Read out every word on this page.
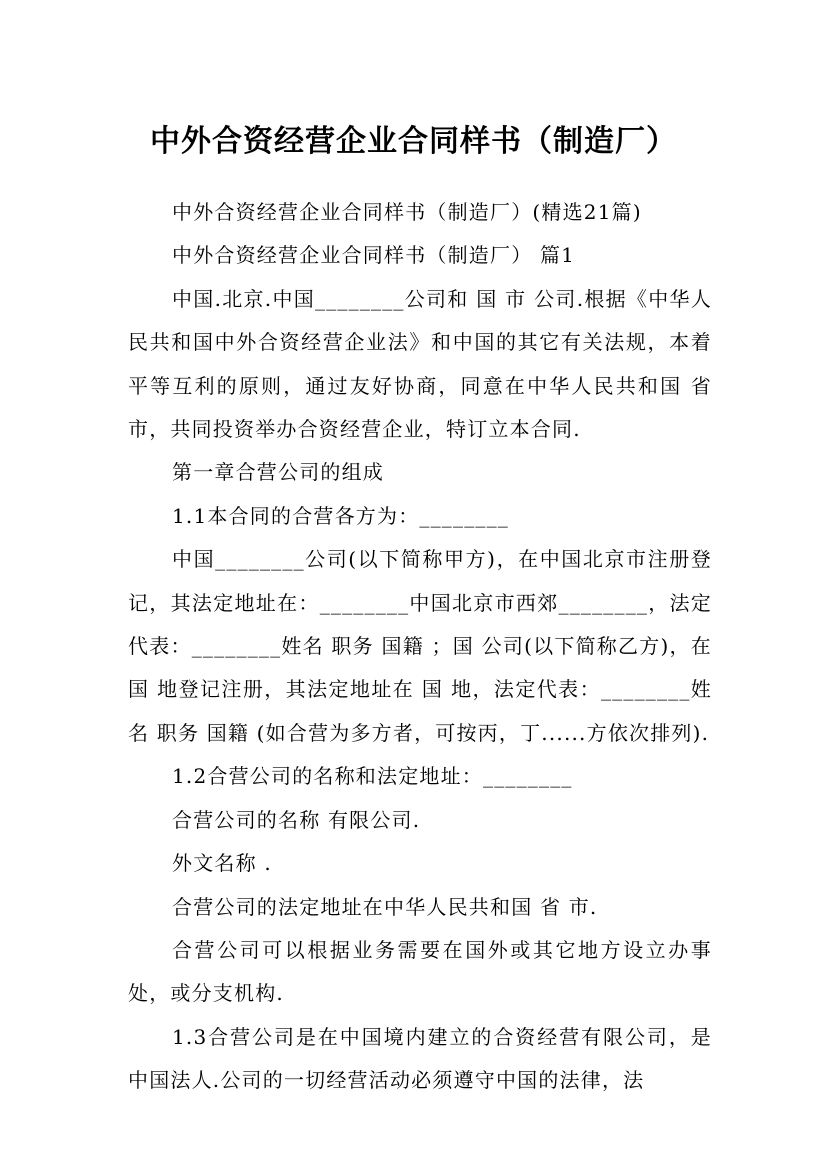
中外合资经营企业合同样书（制造厂）

中外合资经营企业合同样书（制造厂）(精选21篇)

中外合资经营企业合同样书（制造厂） 篇1

中国.北京.中国________公司和 国 市 公司.根据《中华人民共和国中外合资经营企业法》和中国的其它有关法规，本着平等互利的原则，通过友好协商，同意在中华人民共和国 省 市，共同投资举办合资经营企业，特订立本合同.

第一章合营公司的组成

1.1本合同的合营各方为：________

中国________公司(以下简称甲方)，在中国北京市注册登记，其法定地址在：________中国北京市西郊________，法定代表：________姓名 职务 国籍 ；国 公司(以下简称乙方)，在 国 地登记注册，其法定地址在 国 地，法定代表：________姓名 职务 国籍 (如合营为多方者，可按丙，丁......方依次排列).

1.2合营公司的名称和法定地址：________

合营公司的名称 有限公司.

外文名称 .

合营公司的法定地址在中华人民共和国 省 市.

合营公司可以根据业务需要在国外或其它地方设立办事处，或分支机构.

1.3合营公司是在中国境内建立的合资经营有限公司，是中国法人.公司的一切经营活动必须遵守中国的法律，法
